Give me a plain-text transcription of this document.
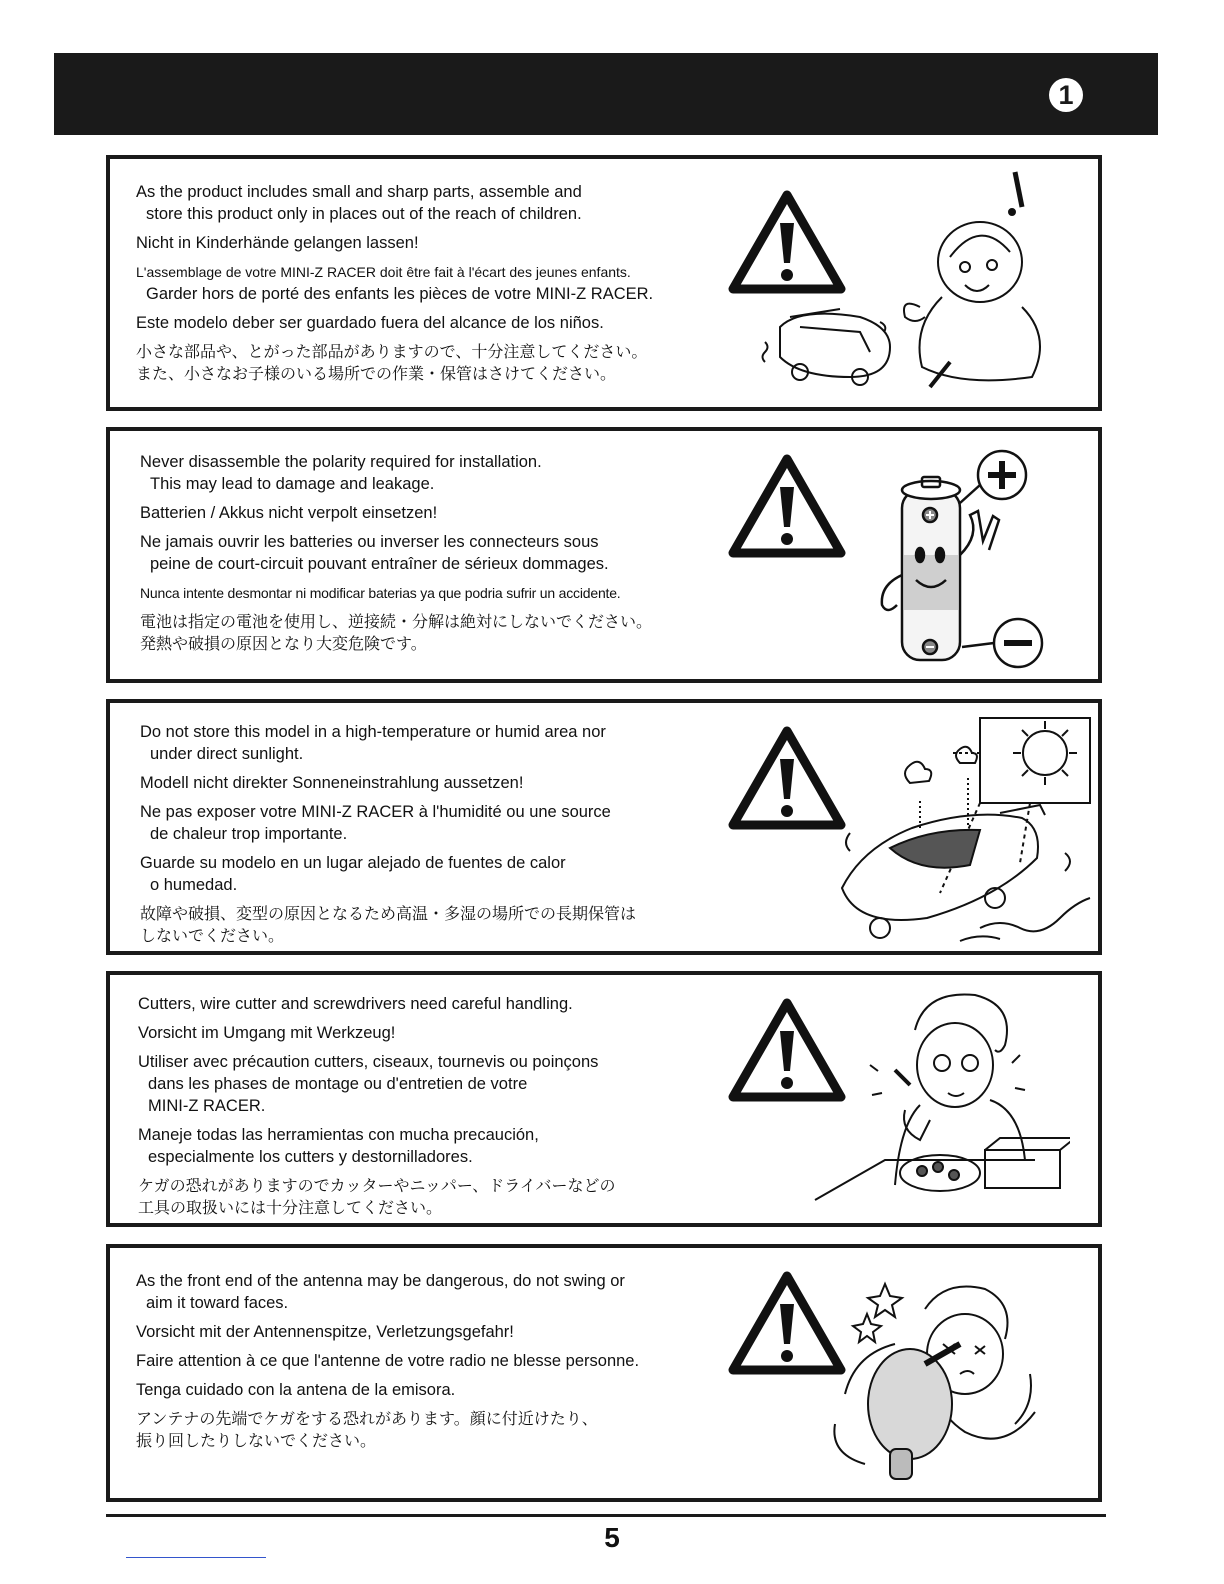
1

As the product includes small and sharp parts, assemble and
store this product only in places out of the reach of children.

Nicht in Kinderhände gelangen lassen!

L'assemblage de votre MINI-Z RACER doit être fait à l'écart des jeunes enfants.
Garder hors de porté des enfants les pièces de votre MINI-Z RACER.

Este modelo deber ser guardado fuera del alcance de los niños.

小さな部品や、とがった部品がありますので、十分注意してください。
また、小さなお子様のいる場所での作業・保管はさけてください。

Never disassemble the polarity required for installation.
This may lead to damage and leakage.

Batterien / Akkus nicht verpolt einsetzen!

Ne jamais ouvrir les batteries ou inverser les connecteurs sous
peine de court-circuit pouvant entraîner de sérieux dommages.

Nunca intente desmontar ni modificar baterias ya que podria sufrir un accidente.

電池は指定の電池を使用し、逆接続・分解は絶対にしないでください。
発熱や破損の原因となり大変危険です。

Do not store this model in a high-temperature or humid area nor
under direct sunlight.

Modell nicht direkter Sonneneinstrahlung aussetzen!

Ne pas exposer votre MINI-Z RACER à l'humidité ou une source
de chaleur trop importante.

Guarde su modelo en un lugar alejado de fuentes de calor
o humedad.

故障や破損、変型の原因となるため高温・多湿の場所での長期保管は
しないでください。

Cutters, wire cutter and screwdrivers need careful handling.

Vorsicht im Umgang mit Werkzeug!

Utiliser avec précaution cutters, ciseaux, tournevis ou poinçons
dans les phases de montage ou d'entretien de votre
MINI-Z RACER.

Maneje todas las herramientas con mucha precaución,
especialmente los cutters y destornilladores.

ケガの恐れがありますのでカッターやニッパー、ドライバーなどの
工具の取扱いには十分注意してください。

As the front end of the antenna may be dangerous, do not swing or
aim it toward faces.

Vorsicht mit der Antennenspitze, Verletzungsgefahr!

Faire attention à ce que l'antenne de votre radio ne blesse personne.

Tenga cuidado con la antena de la emisora.

アンテナの先端でケガをする恐れがあります。顔に付近けたり、
振り回したりしないでください。

5
